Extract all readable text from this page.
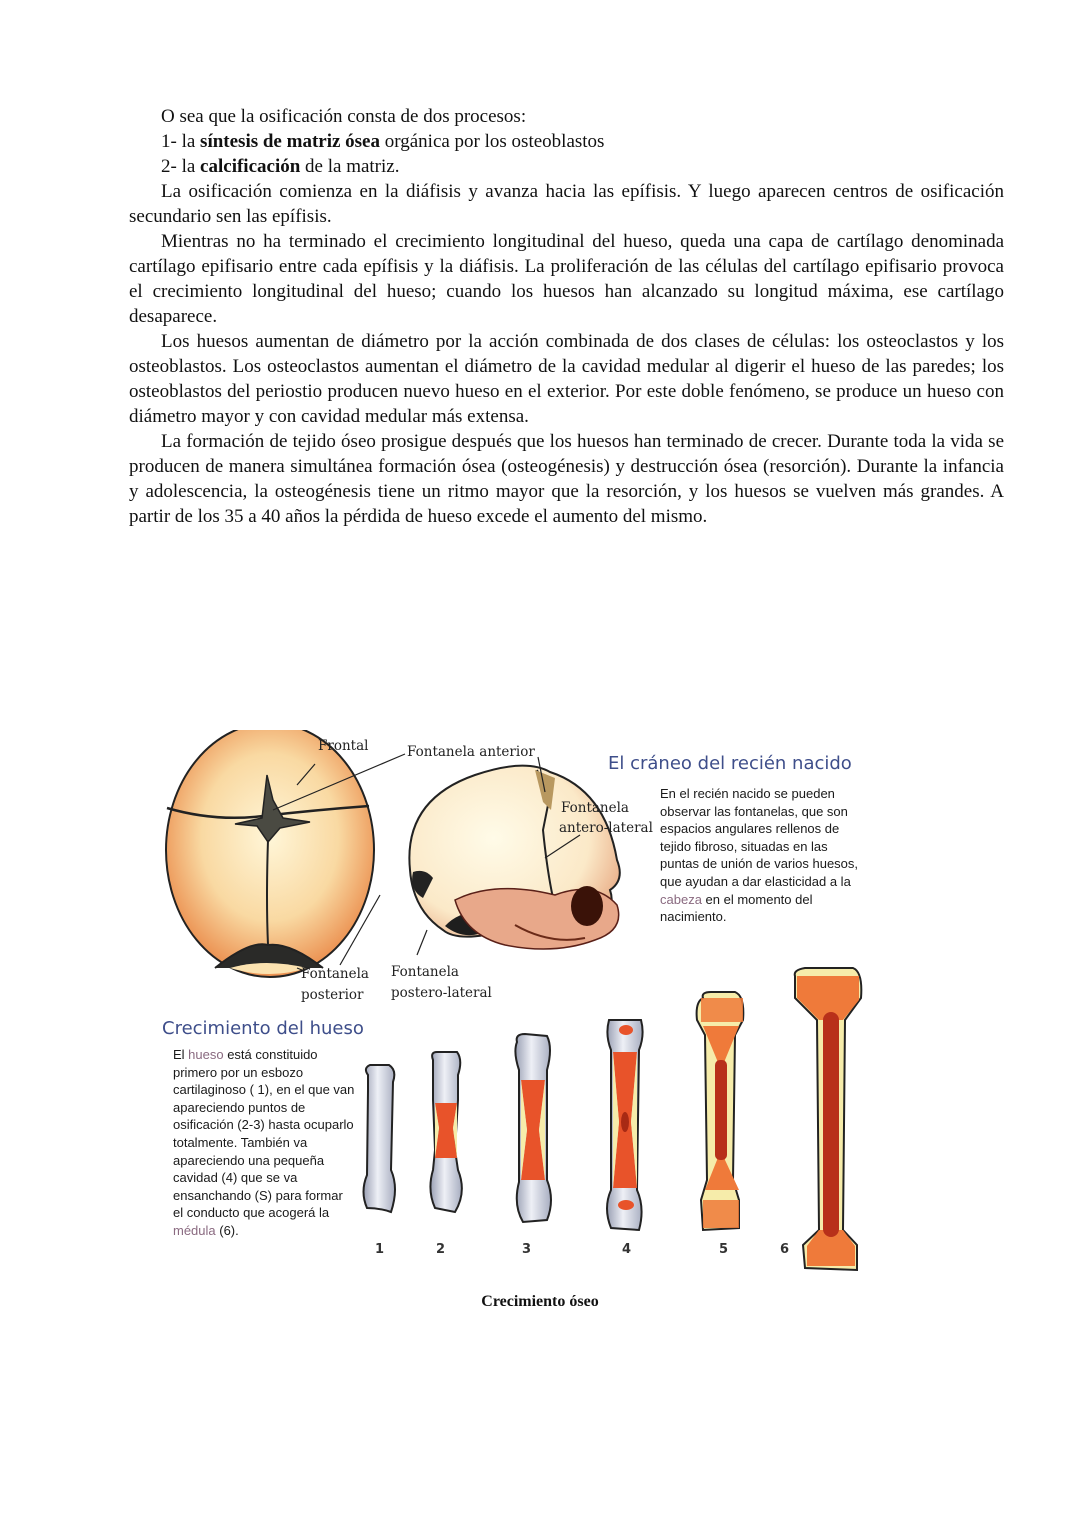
O sea que la osificación consta de dos procesos:

1- la síntesis de matriz ósea orgánica por los osteoblastos

2- la calcificación de la matriz.

La osificación comienza en la diáfisis y avanza hacia las epífisis. Y luego aparecen centros de osificación secundario sen las epífisis.

Mientras no ha terminado el crecimiento longitudinal del hueso, queda una capa de cartílago denominada cartílago epifisario entre cada epífisis y la diáfisis. La proliferación de las células del cartílago epifisario provoca el crecimiento longitudinal del hueso; cuando los huesos han alcanzado su longitud máxima, ese cartílago desaparece.

Los huesos aumentan de diámetro por la acción combinada de dos clases de células: los osteoclastos y los osteoblastos. Los osteoclastos aumentan el diámetro de la cavidad medular al digerir el hueso de las paredes; los osteoblastos del periostio producen nuevo hueso en el exterior. Por este doble fenómeno, se produce un hueso con diámetro mayor y con cavidad medular más extensa.

La formación de tejido óseo prosigue después que los huesos han terminado de crecer. Durante toda la vida se producen de manera simultánea formación ósea (osteogénesis) y destrucción ósea (resorción). Durante la infancia y adolescencia, la osteogénesis tiene un ritmo mayor que la resorción, y los huesos se vuelven más grandes. A partir de los 35 a 40 años la pérdida de hueso excede el aumento del mismo.

Frontal	Fontanela anterior
Fontanela
antero-lateral
Fontanela
posterior
Fontanela
postero-lateral
El cráneo del recién nacido
En el recién nacido se pueden observar las fontanelas, que son espacios angulares rellenos de tejido fibroso, situadas en las puntas de unión de varios huesos, que ayudan a dar elasticidad a la cabeza en el momento del nacimiento.
Crecimiento del hueso
El hueso está constituido primero por un esbozo cartilaginoso ( 1), en el que van apareciendo puntos de osificación (2-3) hasta ocuparlo totalmente. También va apareciendo una pequeña cavidad (4) que se va ensanchando (S) para formar el conducto que acogerá la médula (6).
1	2	3	4	5	6
Crecimiento óseo
